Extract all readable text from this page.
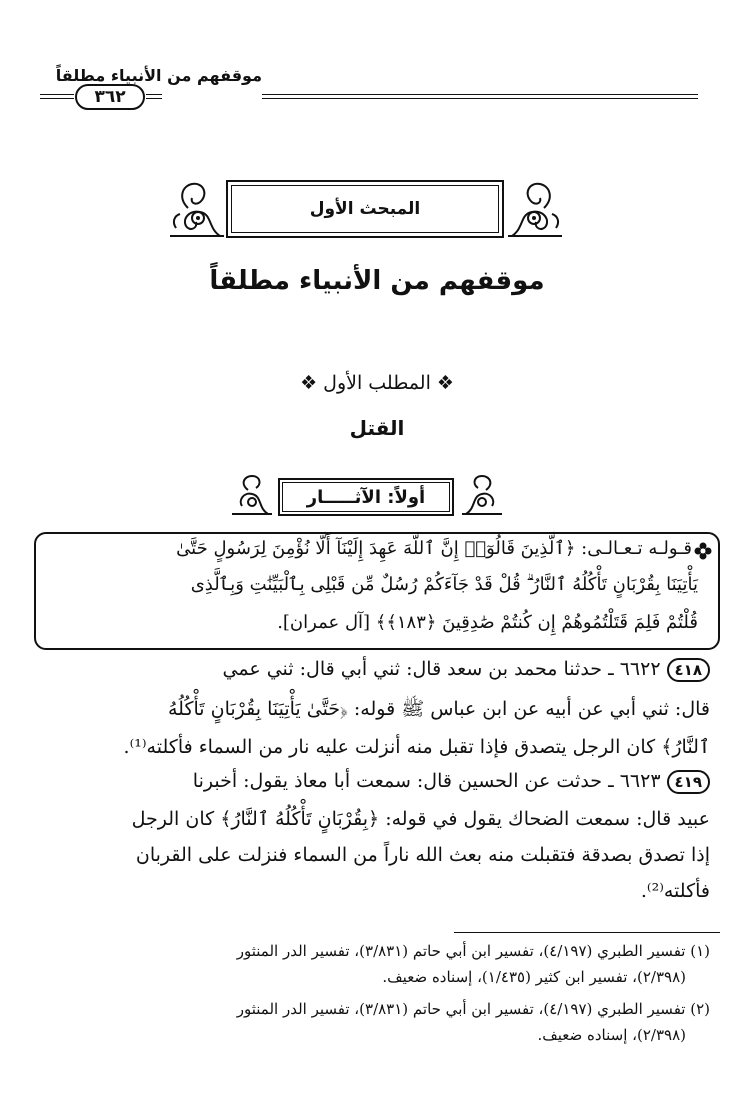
موقفهم من الأنبياء مطلقاً
٣٦٢
المبحث الأول
موقفهم من الأنبياء مطلقاً
❖ المطلب الأول ❖
القتل
أولاً: الآثـــــار
قـولـه تـعـالـى: ﴿ٱلَّذِينَ قَالُوٓا۟ إِنَّ ٱللَّهَ عَهِدَ إِلَيْنَآ أَلَّا نُؤْمِنَ لِرَسُولٍ حَتَّىٰ
يَأْتِيَنَا بِقُرْبَانٍ تَأْكُلُهُ ٱلنَّارُ ۗ قُلْ قَدْ جَآءَكُمْ رُسُلٌ مِّن قَبْلِى بِٱلْبَيِّنَٰتِ وَبِٱلَّذِى
قُلْتُمْ فَلِمَ قَتَلْتُمُوهُمْ إِن كُنتُمْ صَٰدِقِينَ ﴿١٨٣﴾﴾ [آل عمران].
٤١٨٦٦٢٢ ـ حدثنا محمد بن سعد قال: ثني أبي قال: ثني عمي
قال: ثني أبي عن أبيه عن ابن عباس ﷺ قوله: ﴿حَتَّىٰ يَأْتِيَنَا بِقُرْبَانٍ تَأْكُلُهُ
ٱلنَّارُ﴾ كان الرجل يتصدق فإذا تقبل منه أنزلت عليه نار من السماء فأكلته⁽¹⁾.
٤١٩٦٦٢٣ ـ حدثت عن الحسين قال: سمعت أبا معاذ يقول: أخبرنا
عبيد قال: سمعت الضحاك يقول في قوله: ﴿بِقُرْبَانٍ تَأْكُلُهُ ٱلنَّارُ﴾ كان الرجل
إذا تصدق بصدقة فتقبلت منه بعث الله ناراً من السماء فنزلت على القربان
فأكلته⁽²⁾.
(١) تفسير الطبري (٤/١٩٧)، تفسير ابن أبي حاتم (٣/٨٣١)، تفسير الدر المنثور
(٢/٣٩٨)، تفسير ابن كثير (١/٤٣٥)، إسناده ضعيف.
(٢) تفسير الطبري (٤/١٩٧)، تفسير ابن أبي حاتم (٣/٨٣١)، تفسير الدر المنثور
(٢/٣٩٨)، إسناده ضعيف.
